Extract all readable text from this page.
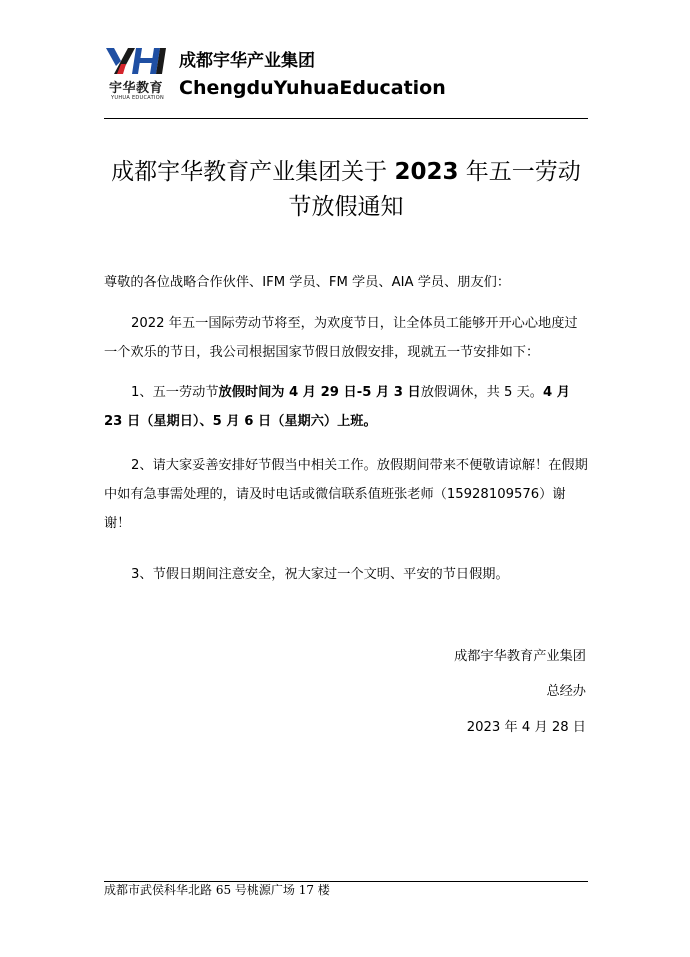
宇华教育
YUHUA EDUCATION
成都宇华产业集团
ChengduYuhuaEducation
成都宇华教育产业集团关于 2023 年五一劳动节放假通知
尊敬的各位战略合作伙伴、IFM 学员、FM 学员、AIA 学员、朋友们：
2022 年五一国际劳动节将至，为欢度节日，让全体员工能够开开心心地度过一个欢乐的节日，我公司根据国家节假日放假安排，现就五一节安排如下：
1、五一劳动节放假时间为 4 月 29 日-5 月 3 日放假调休，共 5 天。4 月 23 日（星期日）、5 月 6 日（星期六）上班。
2、请大家妥善安排好节假当中相关工作。放假期间带来不便敬请谅解！在假期中如有急事需处理的，请及时电话或微信联系值班张老师（15928109576）谢谢！
3、节假日期间注意安全，祝大家过一个文明、平安的节日假期。
成都宇华教育产业集团
总经办
2023 年 4 月 28 日
成都市武侯科华北路 65 号桃源广场 17 楼
